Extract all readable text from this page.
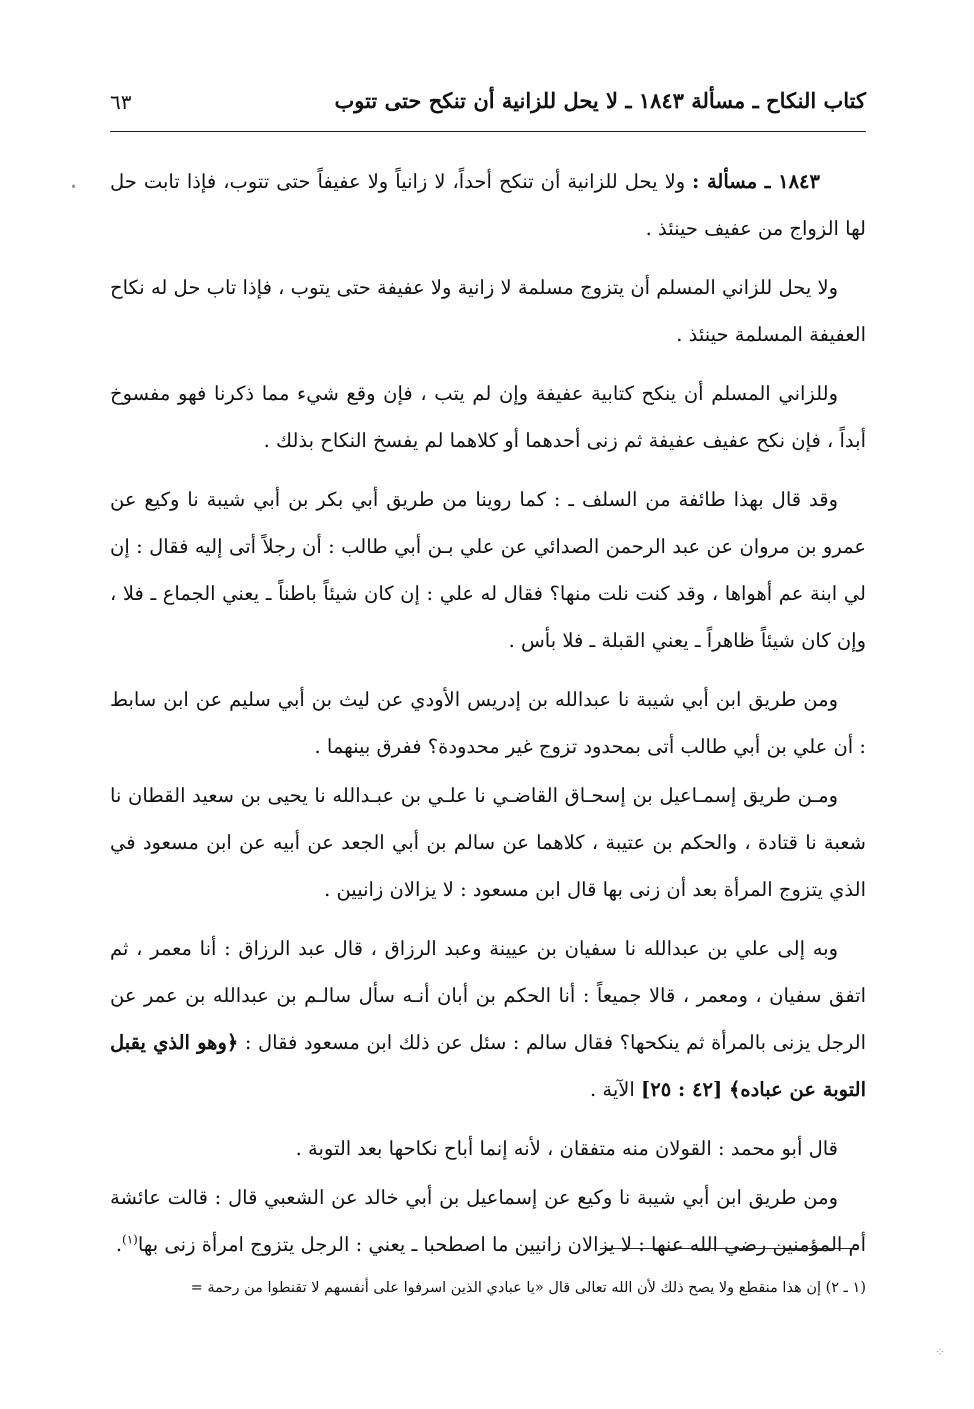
كتاب النكاح ـ مسألة ١٨٤٣ ـ لا يحل للزانية أن تنكح حتى تتوب
٦٣

١٨٤٣ ـ مسألة : ولا يحل للزانية أن تنكح أحداً، لا زانياً ولا عفيفاً حتى تتوب، فإذا تابت حل لها الزواج من عفيف حينئذ .

ولا يحل للزاني المسلم أن يتزوج مسلمة لا زانية ولا عفيفة حتى يتوب ، فإذا تاب حل له نكاح العفيفة المسلمة حينئذ .

وللزاني المسلم أن ينكح كتابية عفيفة وإن لم يتب ، فإن وقع شيء مما ذكرنا فهو مفسوخ أبداً ، فإن نكح عفيف عفيفة ثم زنى أحدهما أو كلاهما لم يفسخ النكاح بذلك .

وقد قال بهذا طائفة من السلف ـ : كما روينا من طريق أبي بكر بن أبي شيبة نا وكيع عن عمرو بن مروان عن عبد الرحمن الصدائي عن علي بـن أبي طالب : أن رجلاً أتى إليه فقال : إن لي ابنة عم أهواها ، وقد كنت نلت منها؟ فقال له علي : إن كان شيئاً باطناً ـ يعني الجماع ـ فلا ، وإن كان شيئاً ظاهراً ـ يعني القبلة ـ فلا بأس .

ومن طريق ابن أبي شيبة نا عبدالله بن إدريس الأودي عن ليث بن أبي سليم عن ابن سابط : أن علي بن أبي طالب أتى بمحدود تزوج غير محدودة؟ ففرق بينهما .

ومـن طريق إسمـاعيل بن إسحـاق القاضـي نا علـي بن عبـدالله نا يحيى بن سعيد القطان نا شعبة نا قتادة ، والحكم بن عتيبة ، كلاهما عن سالم بن أبي الجعد عن أبيه عن ابن مسعود في الذي يتزوج المرأة بعد أن زنى بها قال ابن مسعود : لا يزالان زانيين .

وبه إلى علي بن عبدالله نا سفيان بن عيينة وعبد الرزاق ، قال عبد الرزاق : أنا معمر ، ثم اتفق سفيان ، ومعمر ، قالا جميعاً : أنا الحكم بن أبان أنـه سأل سالـم بن عبدالله بن عمر عن الرجل يزنى بالمرأة ثم ينكحها؟ فقال سالم : سئل عن ذلك ابن مسعود فقال : ﴿وهو الذي يقبل التوبة عن عباده﴾ [٤٢ : ٢٥] الآية .

قال أبو محمد : القولان منه متفقان ، لأنه إنما أباح نكاحها بعد التوبة .

ومن طريق ابن أبي شيبة نا وكيع عن إسماعيل بن أبي خالد عن الشعبي قال : قالت عائشة أم المؤمنين رضي الله عنها : لا يزالان زانيين ما اصطحبا ـ يعني : الرجل يتزوج امرأة زنى بها$^{(١)}$.

(١ ـ ٢) إن هذا منقطع ولا يصح ذلك لأن الله تعالى قال «يا عبادي الذين اسرفوا على أنفسهم لا تقنطوا من رحمة =
•
⁘
